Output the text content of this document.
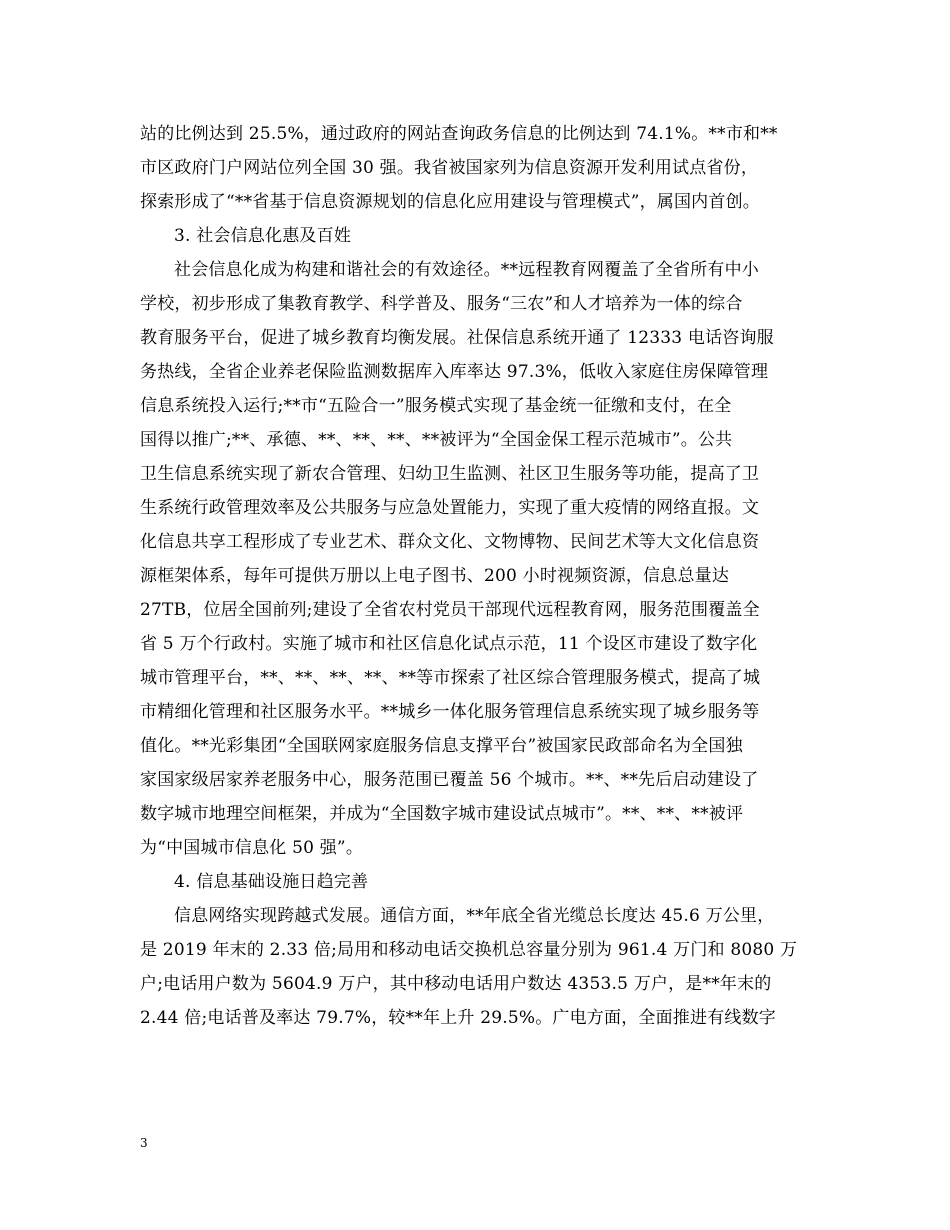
站的比例达到 25.5%，通过政府的网站查询政务信息的比例达到 74.1%。**市和**
市区政府门户网站位列全国 30 强。我省被国家列为信息资源开发利用试点省份，
探索形成了“**省基于信息资源规划的信息化应用建设与管理模式”，属国内首创。
3. 社会信息化惠及百姓
社会信息化成为构建和谐社会的有效途径。**远程教育网覆盖了全省所有中小
学校，初步形成了集教育教学、科学普及、服务“三农”和人才培养为一体的综合
教育服务平台，促进了城乡教育均衡发展。社保信息系统开通了 12333 电话咨询服
务热线，全省企业养老保险监测数据库入库率达 97.3%，低收入家庭住房保障管理
信息系统投入运行;**市“五险合一”服务模式实现了基金统一征缴和支付，在全
国得以推广;**、承德、**、**、**、**被评为“全国金保工程示范城市”。公共
卫生信息系统实现了新农合管理、妇幼卫生监测、社区卫生服务等功能，提高了卫
生系统行政管理效率及公共服务与应急处置能力，实现了重大疫情的网络直报。文
化信息共享工程形成了专业艺术、群众文化、文物博物、民间艺术等大文化信息资
源框架体系，每年可提供万册以上电子图书、200 小时视频资源，信息总量达
27TB，位居全国前列;建设了全省农村党员干部现代远程教育网，服务范围覆盖全
省 5 万个行政村。实施了城市和社区信息化试点示范，11 个设区市建设了数字化
城市管理平台，**、**、**、**、**等市探索了社区综合管理服务模式，提高了城
市精细化管理和社区服务水平。**城乡一体化服务管理信息系统实现了城乡服务等
值化。**光彩集团“全国联网家庭服务信息支撑平台”被国家民政部命名为全国独
家国家级居家养老服务中心，服务范围已覆盖 56 个城市。**、**先后启动建设了
数字城市地理空间框架，并成为“全国数字城市建设试点城市”。**、**、**被评
为“中国城市信息化 50 强”。
4. 信息基础设施日趋完善
信息网络实现跨越式发展。通信方面，**年底全省光缆总长度达 45.6 万公里，
是 2019 年末的 2.33 倍;局用和移动电话交换机总容量分别为 961.4 万门和 8080 万
户;电话用户数为 5604.9 万户，其中移动电话用户数达 4353.5 万户，是**年末的
2.44 倍;电话普及率达 79.7%，较**年上升 29.5%。广电方面，全面推进有线数字
3
